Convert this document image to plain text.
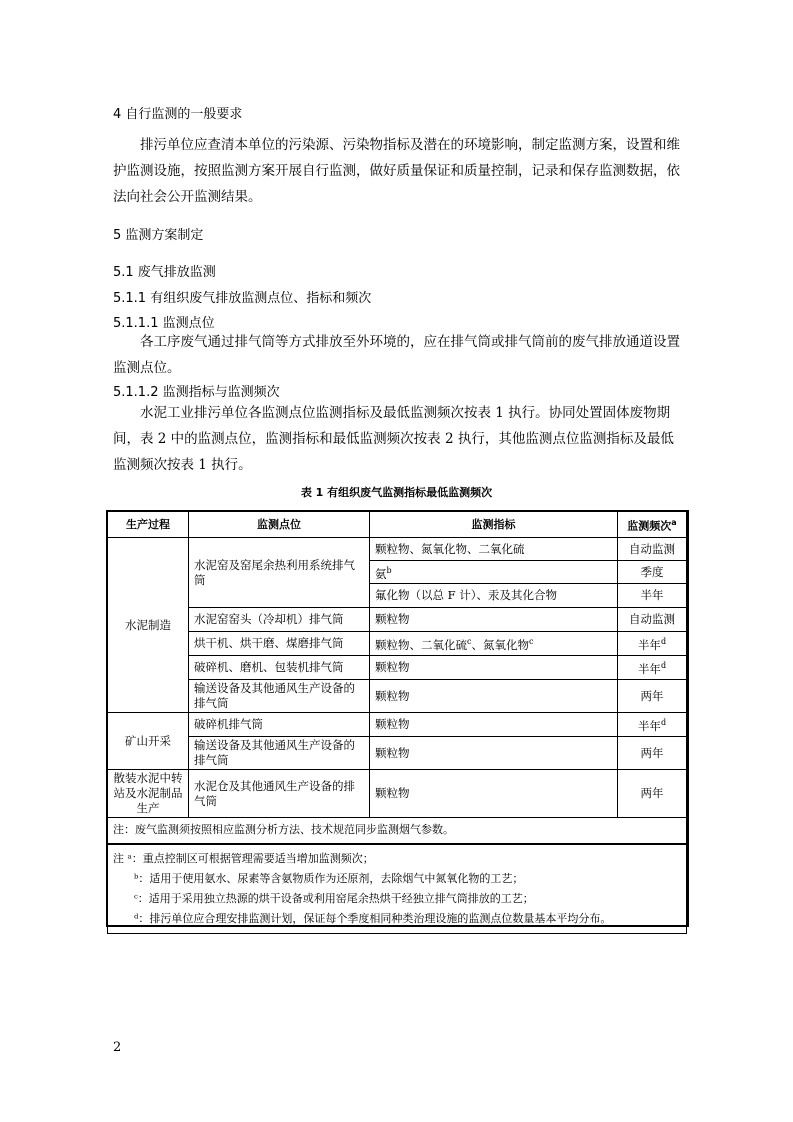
4 自行监测的一般要求
排污单位应查清本单位的污染源、污染物指标及潜在的环境影响，制定监测方案，设置和维护监测设施，按照监测方案开展自行监测，做好质量保证和质量控制，记录和保存监测数据，依法向社会公开监测结果。
5 监测方案制定
5.1 废气排放监测
5.1.1 有组织废气排放监测点位、指标和频次
5.1.1.1 监测点位
各工序废气通过排气筒等方式排放至外环境的，应在排气筒或排气筒前的废气排放通道设置监测点位。
5.1.1.2 监测指标与监测频次
水泥工业排污单位各监测点位监测指标及最低监测频次按表 1 执行。协同处置固体废物期间，表 2 中的监测点位，监测指标和最低监测频次按表 2 执行，其他监测点位监测指标及最低监测频次按表 1 执行。
表 1 有组织废气监测指标最低监测频次
生产过程	监测点位	监测指标	监测频次$^a$
水泥制造	水泥窑及窑尾余热利用系统排气筒	颗粒物、氮氧化物、二氧化硫	自动监测
		氨$^b$	季度
		氟化物（以总 F 计）、汞及其化合物	半年
	水泥窑窑头（冷却机）排气筒	颗粒物	自动监测
	烘干机、烘干磨、煤磨排气筒	颗粒物、二氧化硫$^c$、氮氧化物$^c$	半年$^d$
	破碎机、磨机、包装机排气筒	颗粒物	半年$^d$
	输送设备及其他通风生产设备的排气筒	颗粒物	两年
矿山开采	破碎机排气筒	颗粒物	半年$^d$
	输送设备及其他通风生产设备的排气筒	颗粒物	两年
散装水泥中转站及水泥制品生产	水泥仓及其他通风生产设备的排气筒	颗粒物	两年
注：废气监测须按照相应监测分析方法、技术规范同步监测烟气参数。			

注 ᵃ：重点控制区可根据管理需要适当增加监测频次；
ᵇ：适用于使用氨水、尿素等含氨物质作为还原剂，去除烟气中氮氧化物的工艺；
ᶜ：适用于采用独立热源的烘干设备或利用窑尾余热烘干经独立排气筒排放的工艺；
ᵈ：排污单位应合理安排监测计划，保证每个季度相同种类治理设施的监测点位数量基本平均分布。			
2
